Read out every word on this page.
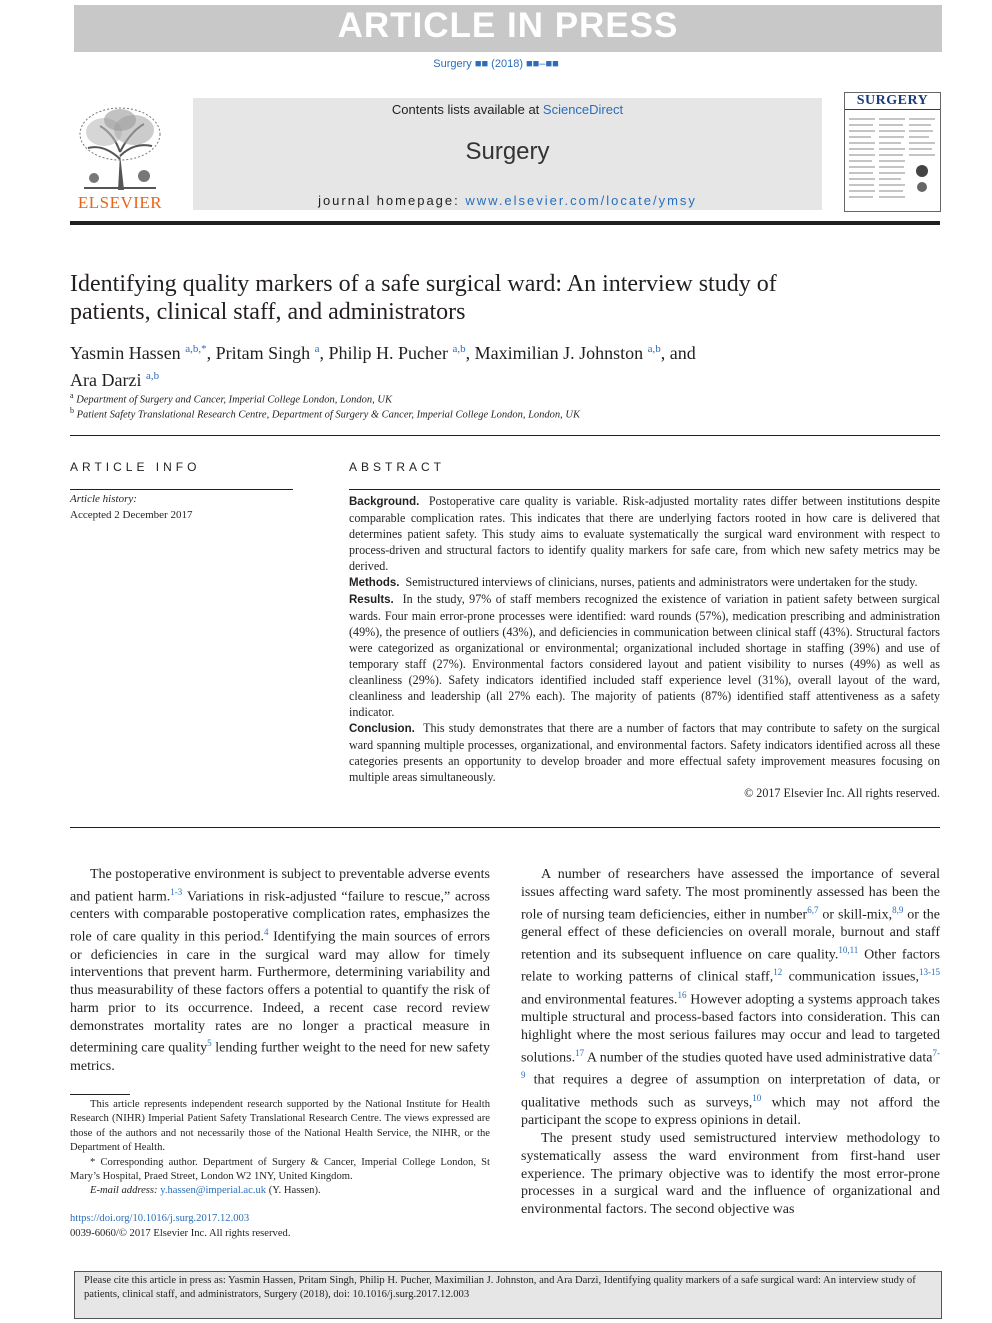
ARTICLE IN PRESS
Surgery ■■ (2018) ■■–■■
ELSEVIER
Contents lists available at ScienceDirect
Surgery
journal homepage: www.elsevier.com/locate/ymsy
SURGERY
Identifying quality markers of a safe surgical ward: An interview study of patients, clinical staff, and administrators
Yasmin Hassen $^{a,b,*}$, Pritam Singh $^a$, Philip H. Pucher $^{a,b}$, Maximilian J. Johnston $^{a,b}$, and
Ara Darzi $^{a,b}$
$^a$ Department of Surgery and Cancer, Imperial College London, London, UK
$^b$ Patient Safety Translational Research Centre, Department of Surgery & Cancer, Imperial College London, London, UK
ARTICLE INFO
Article history:
Accepted 2 December 2017
ABSTRACT

Background. Postoperative care quality is variable. Risk-adjusted mortality rates differ between institutions despite comparable complication rates. This indicates that there are underlying factors rooted in how care is delivered that determines patient safety. This study aims to evaluate systematically the surgical ward environment with respect to process-driven and structural factors to identify quality markers for safe care, from which new safety metrics may be derived.

Methods. Semistructured interviews of clinicians, nurses, patients and administrators were undertaken for the study.

Results. In the study, 97% of staff members recognized the existence of variation in patient safety between surgical wards. Four main error-prone processes were identified: ward rounds (57%), medication prescribing and administration (49%), the presence of outliers (43%), and deficiencies in communication between clinical staff (43%). Structural factors were categorized as organizational or environmental; organizational included shortage in staffing (39%) and use of temporary staff (27%). Environmental factors considered layout and patient visibility to nurses (49%) as well as cleanliness (29%). Safety indicators identified included staff experience level (31%), overall layout of the ward, cleanliness and leadership (all 27% each). The majority of patients (87%) identified staff attentiveness as a safety indicator.

Conclusion. This study demonstrates that there are a number of factors that may contribute to safety on the surgical ward spanning multiple processes, organizational, and environmental factors. Safety indicators identified across all these categories presents an opportunity to develop broader and more effectual safety improvement measures focusing on multiple areas simultaneously.

© 2017 Elsevier Inc. All rights reserved.

The postoperative environment is subject to preventable adverse events and patient harm.$^{1-3}$ Variations in risk-adjusted “failure to rescue,” across centers with comparable postoperative complication rates, emphasizes the role of care quality in this period.$^4$ Identifying the main sources of errors or deficiencies in care in the surgical ward may allow for timely interventions that prevent harm. Furthermore, determining variability and thus measurability of these factors offers a potential to quantify the risk of harm prior to its occurrence. Indeed, a recent case record review demonstrates mortality rates are no longer a practical measure in determining care quality$^5$ lending further weight to the need for new safety metrics.

This article represents independent research supported by the National Institute for Health Research (NIHR) Imperial Patient Safety Translational Research Centre. The views expressed are those of the authors and not necessarily those of the National Health Service, the NIHR, or the Department of Health.

* Corresponding author. Department of Surgery & Cancer, Imperial College London, St Mary’s Hospital, Praed Street, London W2 1NY, United Kingdom.

E-mail address: y.hassen@imperial.ac.uk (Y. Hassen).

https://doi.org/10.1016/j.surg.2017.12.003
0039-6060/© 2017 Elsevier Inc. All rights reserved.

A number of researchers have assessed the importance of several issues affecting ward safety. The most prominently assessed has been the role of nursing team deficiencies, either in number$^{6,7}$ or skill-mix,$^{8,9}$ or the general effect of these deficiencies on overall morale, burnout and staff retention and its subsequent influence on care quality.$^{10,11}$ Other factors relate to working patterns of clinical staff,$^{12}$ communication issues,$^{13-15}$ and environmental features.$^{16}$ However adopting a systems approach takes multiple structural and process-based factors into consideration. This can highlight where the most serious failures may occur and lead to targeted solutions.$^{17}$ A number of the studies quoted have used administrative data$^{7-9}$ that requires a degree of assumption on interpretation of data, or qualitative methods such as surveys,$^{10}$ which may not afford the participant the scope to express opinions in detail.

The present study used semistructured interview methodology to systematically assess the ward environment from first-hand user experience. The primary objective was to identify the most error-prone processes in a surgical ward and the influence of organizational and environmental factors. The second objective was

Please cite this article in press as: Yasmin Hassen, Pritam Singh, Philip H. Pucher, Maximilian J. Johnston, and Ara Darzi, Identifying quality markers of a safe surgical ward: An interview study of patients, clinical staff, and administrators, Surgery (2018), doi: 10.1016/j.surg.2017.12.003
